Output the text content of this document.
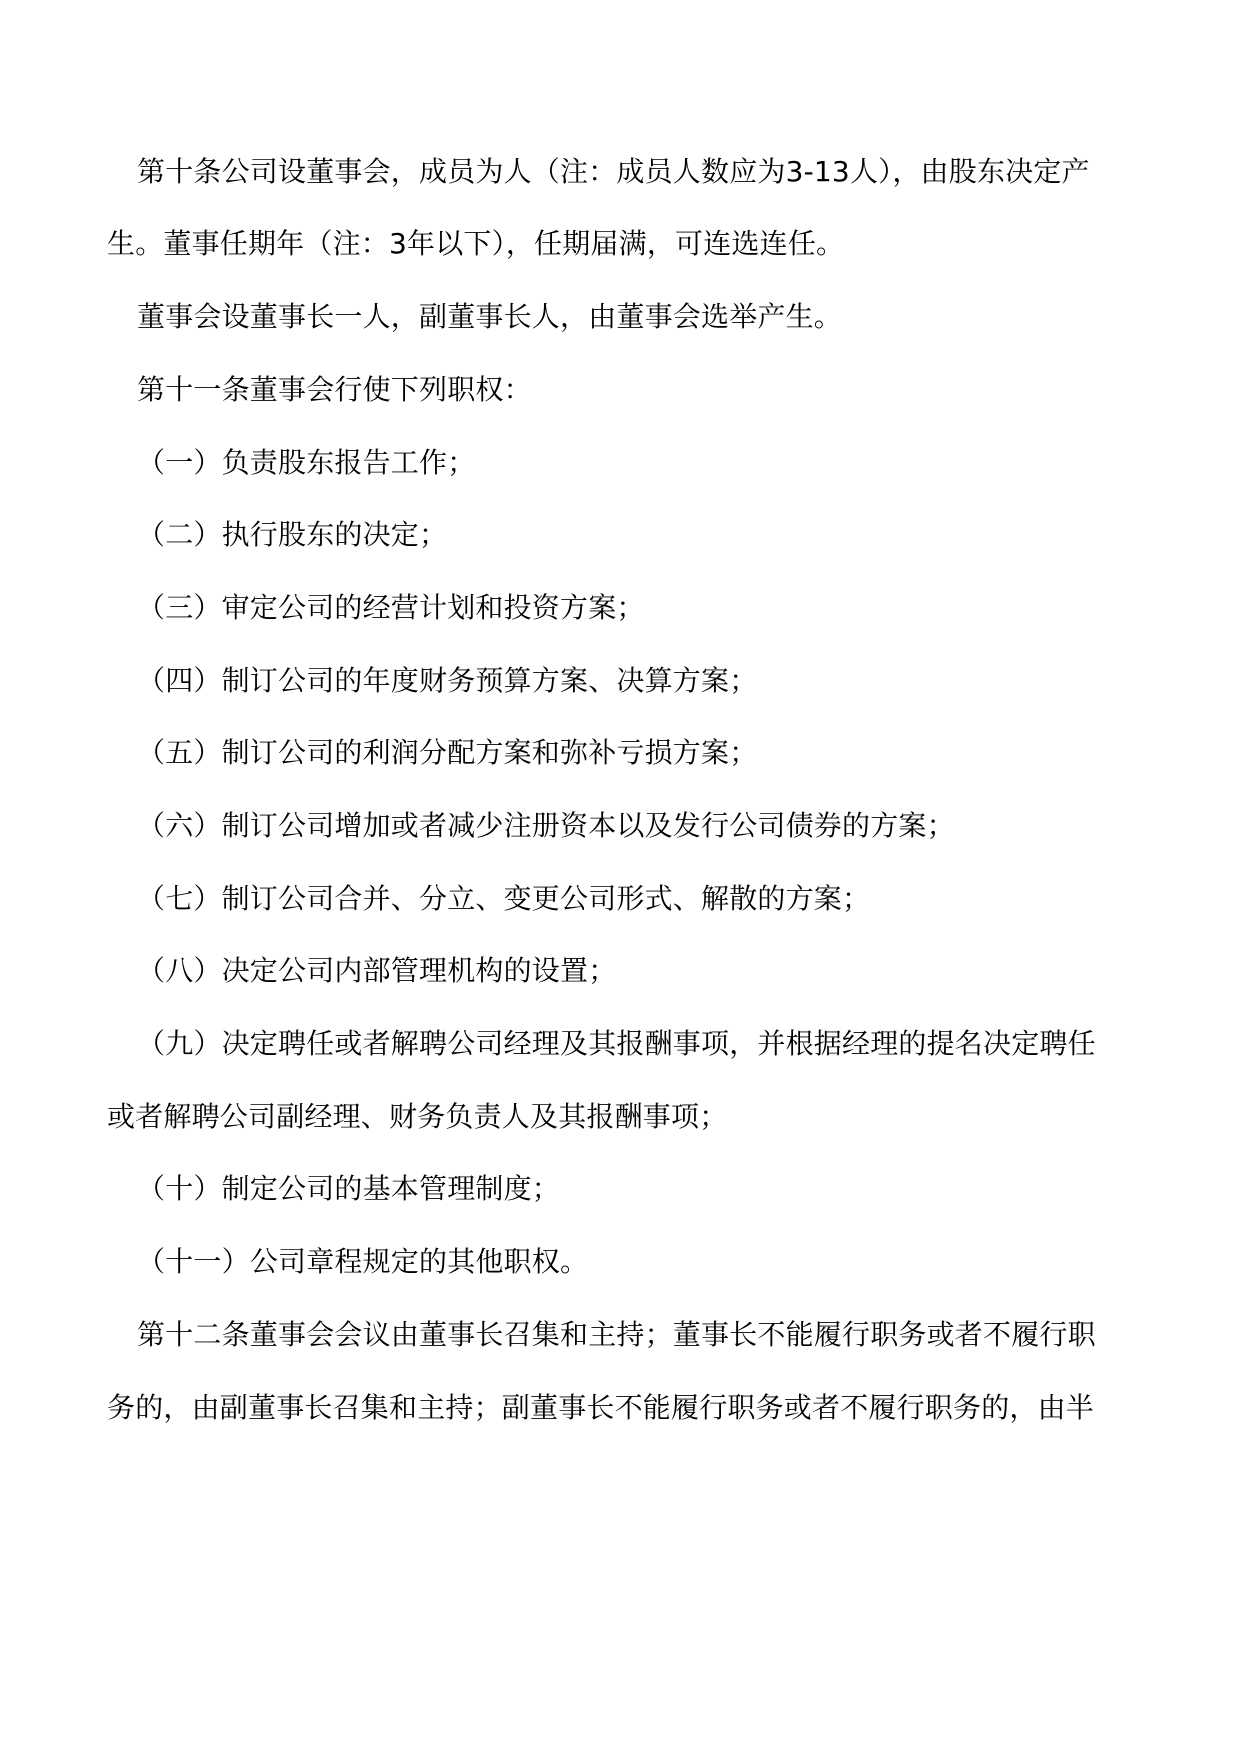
第十条公司设董事会，成员为人（注：成员人数应为3-13人），由股东决定产

生。董事任期年（注：3年以下），任期届满，可连选连任。

董事会设董事长一人，副董事长人，由董事会选举产生。

第十一条董事会行使下列职权：

（一）负责股东报告工作；

（二）执行股东的决定；

（三）审定公司的经营计划和投资方案；

（四）制订公司的年度财务预算方案、决算方案；

（五）制订公司的利润分配方案和弥补亏损方案；

（六）制订公司增加或者减少注册资本以及发行公司债券的方案；

（七）制订公司合并、分立、变更公司形式、解散的方案；

（八）决定公司内部管理机构的设置；

（九）决定聘任或者解聘公司经理及其报酬事项，并根据经理的提名决定聘任

或者解聘公司副经理、财务负责人及其报酬事项；

（十）制定公司的基本管理制度；

（十一）公司章程规定的其他职权。

第十二条董事会会议由董事长召集和主持；董事长不能履行职务或者不履行职

务的，由副董事长召集和主持；副董事长不能履行职务或者不履行职务的，由半
